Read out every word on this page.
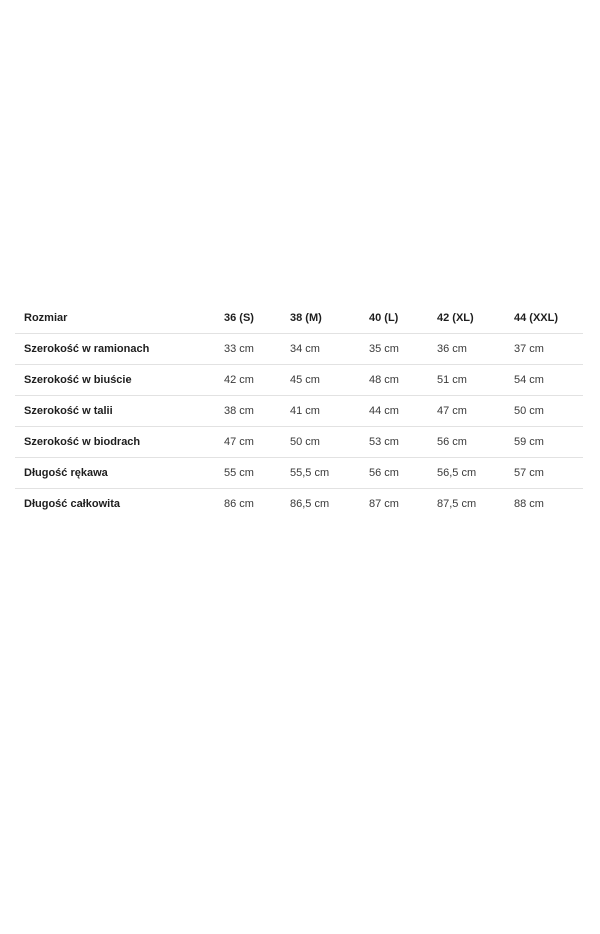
Rozmiar	36 (S)	38 (M)	40 (L)	42 (XL)	44 (XXL)
Szerokość w ramionach	33 cm	34 cm	35 cm	36 cm	37 cm
Szerokość w biuście	42 cm	45 cm	48 cm	51 cm	54 cm
Szerokość w talii	38 cm	41 cm	44 cm	47 cm	50 cm
Szerokość w biodrach	47 cm	50 cm	53 cm	56 cm	59 cm
Długość rękawa	55 cm	55,5 cm	56 cm	56,5 cm	57 cm
Długość całkowita	86 cm	86,5 cm	87 cm	87,5 cm	88 cm
